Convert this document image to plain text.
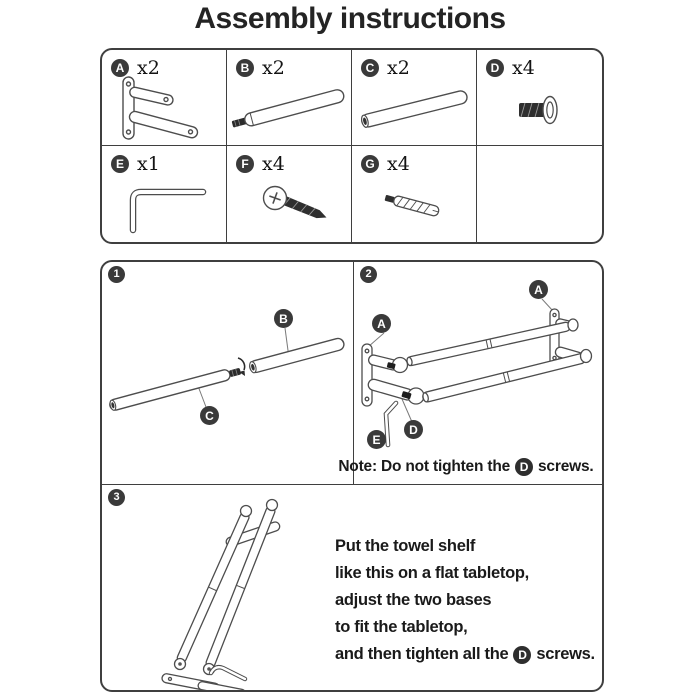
Assembly instructions
A x2	B x2	C x2	D x4
E x1	F x4	G x4
1
B
C
2
A
A
D
E
Note: Do not tighten the D screws.
3
Put the towel shelf
like this on a flat tabletop,
adjust the two bases
to fit the tabletop,
and then tighten all the D screws.
